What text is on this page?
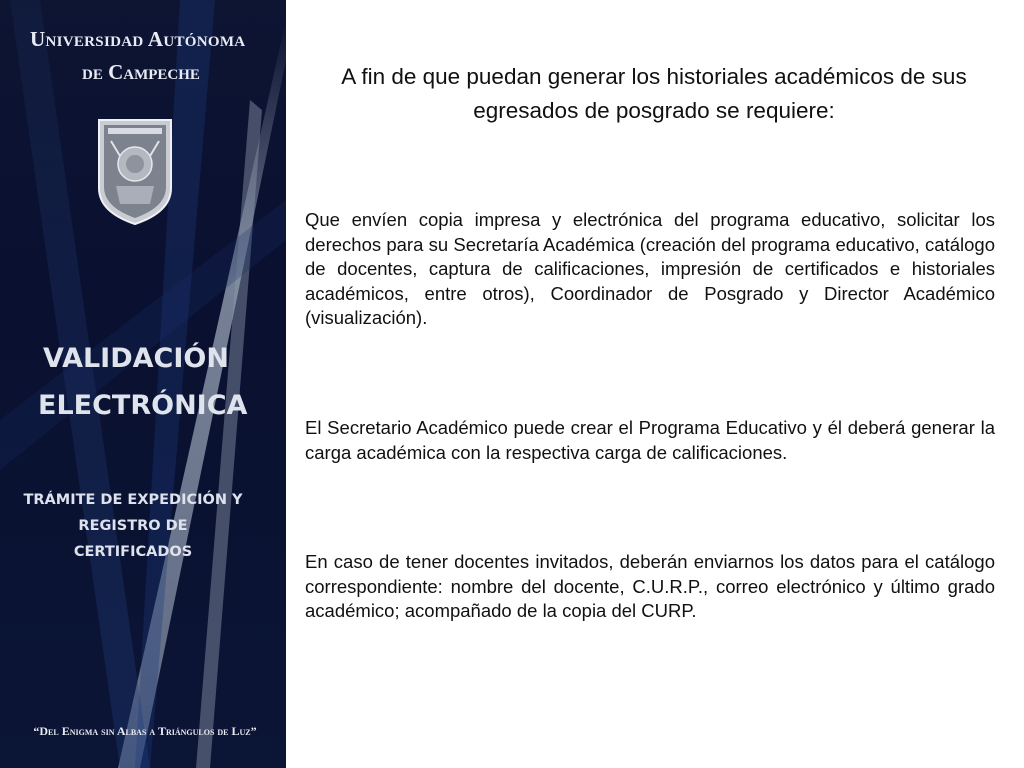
Universidad Autónoma
de Campeche
VALIDACIÓN
ELECTRÓNICA
TRÁMITE DE EXPEDICIÓN Y REGISTRO DE CERTIFICADOS
“Del Enigma sin Albas a Triángulos de Luz”
A fin de que puedan generar los historiales académicos de sus egresados de posgrado se requiere:

Que envíen copia impresa y electrónica del programa educativo, solicitar los derechos para su Secretaría Académica (creación del programa educativo, catálogo de docentes, captura de calificaciones, impresión de certificados e historiales académicos, entre otros), Coordinador de Posgrado y Director Académico (visualización).

El Secretario Académico puede crear el Programa Educativo y él deberá generar la carga académica con la respectiva carga de calificaciones.

En caso de tener docentes invitados, deberán enviarnos los datos para el catálogo correspondiente: nombre del docente, C.U.R.P., correo electrónico y último grado académico; acompañado de la copia del CURP.
